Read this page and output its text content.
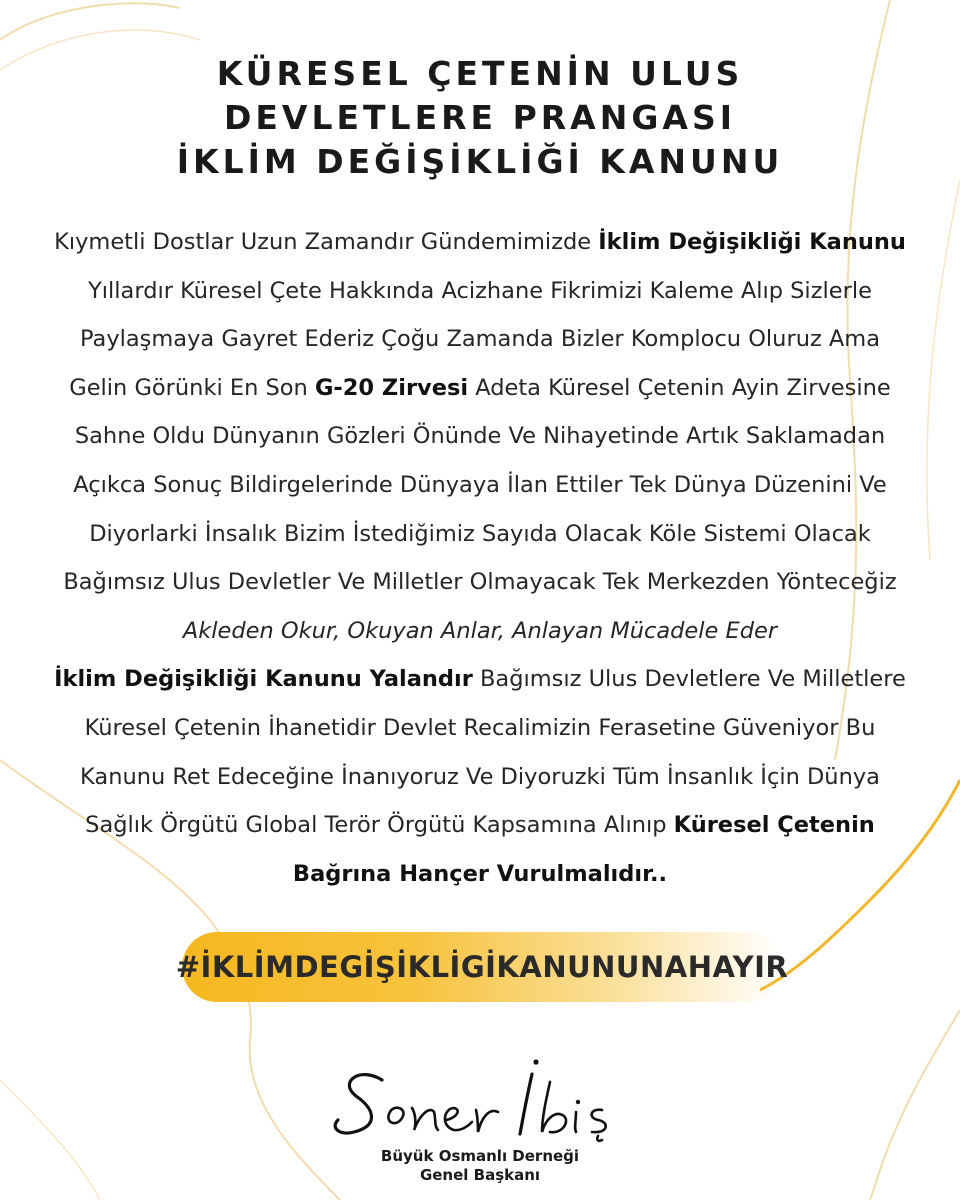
KÜRESEL ÇETENİN ULUS
DEVLETLERE PRANGASI
İKLİM DEĞİŞİKLİĞİ KANUNU
Kıymetli Dostlar Uzun Zamandır Gündemimizde İklim Değişikliği Kanunu
Yıllardır Küresel Çete Hakkında Acizhane Fikrimizi Kaleme Alıp Sizlerle
Paylaşmaya Gayret Ederiz Çoğu Zamanda Bizler Komplocu Oluruz Ama
Gelin Görünki En Son G-20 Zirvesi Adeta Küresel Çetenin Ayin Zirvesine
Sahne Oldu Dünyanın Gözleri Önünde Ve Nihayetinde Artık Saklamadan
Açıkca Sonuç Bildirgelerinde Dünyaya İlan Ettiler Tek Dünya Düzenini Ve
Diyorlarki İnsalık Bizim İstediğimiz Sayıda Olacak Köle Sistemi Olacak
Bağımsız Ulus Devletler Ve Milletler Olmayacak Tek Merkezden Yönteceğiz
Akleden Okur, Okuyan Anlar, Anlayan Mücadele Eder
İklim Değişikliği Kanunu Yalandır Bağımsız Ulus Devletlere Ve Milletlere
Küresel Çetenin İhanetidir Devlet Recalimizin Ferasetine Güveniyor Bu
Kanunu Ret Edeceğine İnanıyoruz Ve Diyoruzki Tüm İnsanlık İçin Dünya
Sağlık Örgütü Global Terör Örgütü Kapsamına Alınıp Küresel Çetenin
Bağrına Hançer Vurulmalıdır..
#İKLİMDEGİŞİKLİGİKANUNUNAHAYIR
Büyük Osmanlı Derneği
Genel Başkanı
